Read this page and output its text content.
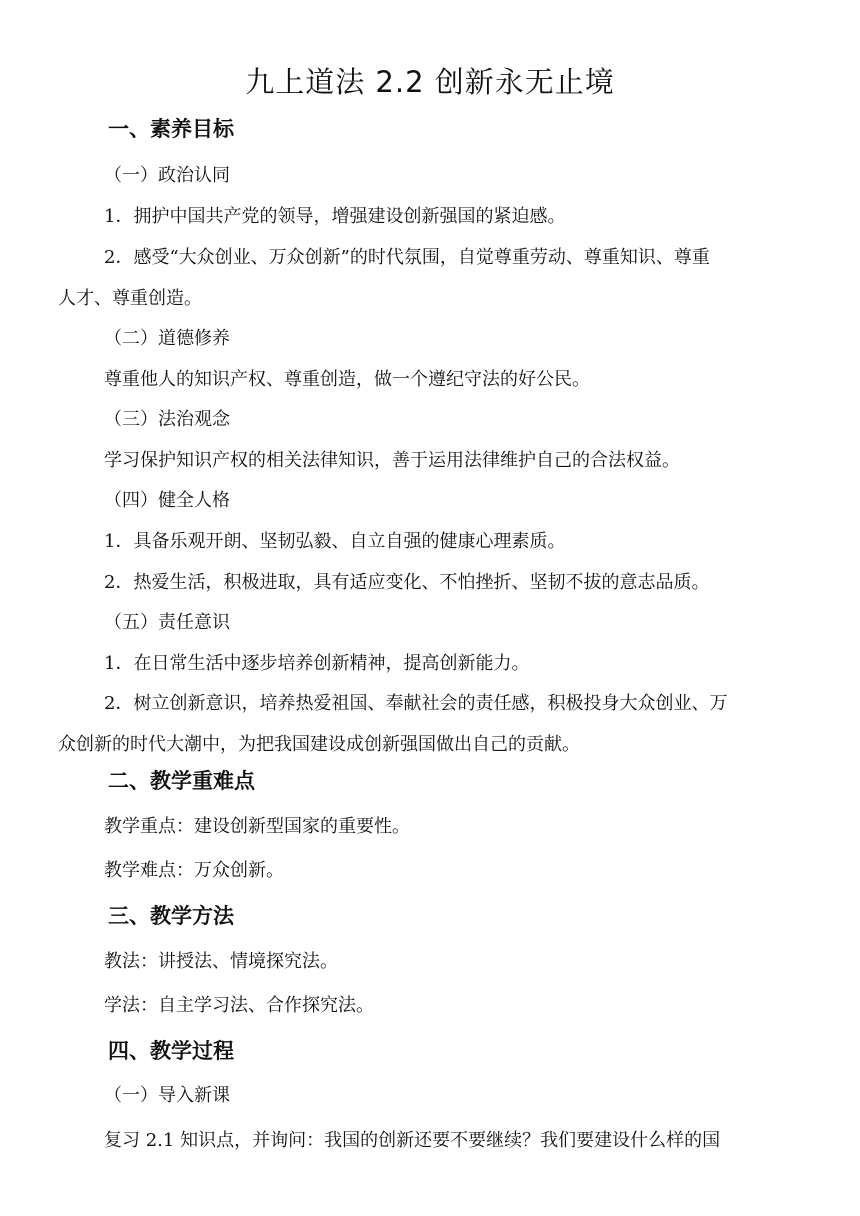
九上道法 2.2 创新永无止境
一、素养目标

（一）政治认同

1．拥护中国共产党的领导，增强建设创新强国的紧迫感。

2．感受“大众创业、万众创新”的时代氛围，自觉尊重劳动、尊重知识、尊重

人才、尊重创造。

（二）道德修养

尊重他人的知识产权、尊重创造，做一个遵纪守法的好公民。

（三）法治观念

学习保护知识产权的相关法律知识，善于运用法律维护自己的合法权益。

（四）健全人格

1．具备乐观开朗、坚韧弘毅、自立自强的健康心理素质。

2．热爱生活，积极进取，具有适应变化、不怕挫折、坚韧不拔的意志品质。

（五）责任意识

1．在日常生活中逐步培养创新精神，提高创新能力。

2．树立创新意识，培养热爱祖国、奉献社会的责任感，积极投身大众创业、万

众创新的时代大潮中，为把我国建设成创新强国做出自己的贡献。

二、教学重难点

教学重点：建设创新型国家的重要性。

教学难点：万众创新。

三、教学方法

教法：讲授法、情境探究法。

学法：自主学习法、合作探究法。

四、教学过程

（一）导入新课

复习 2.1 知识点，并询问：我国的创新还要不要继续？我们要建设什么样的国
